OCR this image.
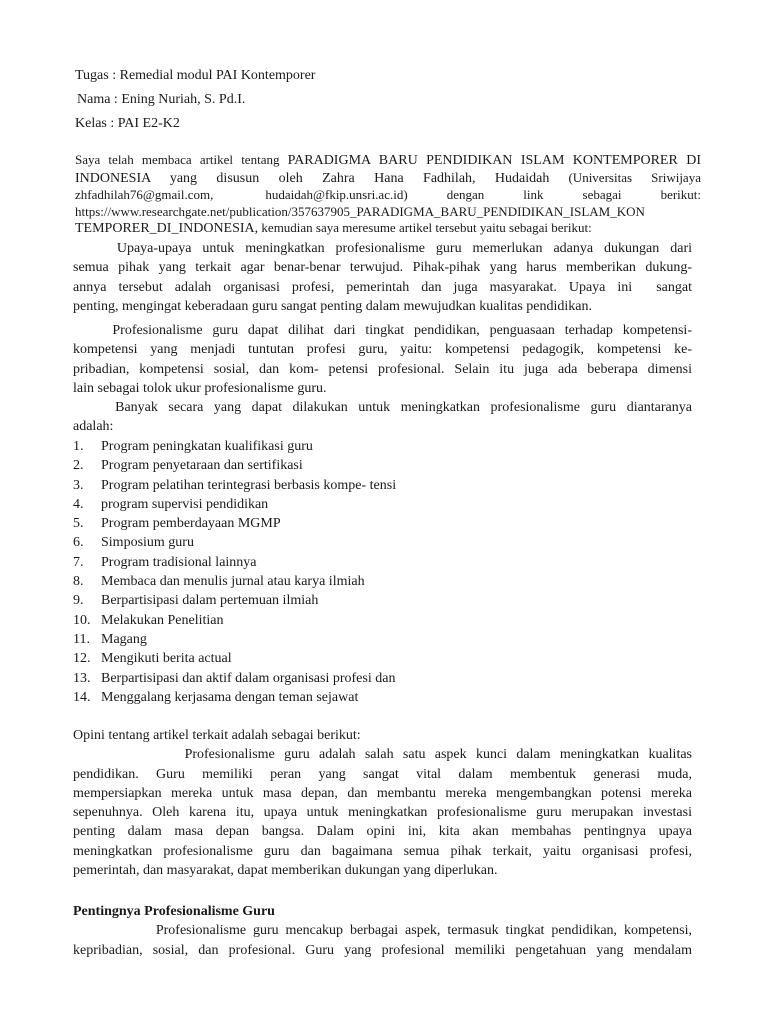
Tugas : Remedial modul PAI Kontemporer
Nama : Ening Nuriah, S. Pd.I.
Kelas : PAI E2-K2
Saya telah membaca artikel tentang PARADIGMA BARU PENDIDIKAN ISLAM KONTEMPORER DI
INDONESIA yang disusun oleh Zahra Hana Fadhilah, Hudaidah (Universitas Sriwijaya
zhfadhilah76@gmail.com,                hudaidah@fkip.unsri.ac.id)            dengan            link            sebagai            berikut:
https://www.researchgate.net/publication/357637905_PARADIGMA_BARU_PENDIDIKAN_ISLAM_KON
TEMPORER_DI_INDONESIA, kemudian saya meresume artikel tersebut yaitu sebagai berikut:
Upaya-upaya untuk meningkatkan profesionalisme guru memerlukan adanya dukungan dari
semua pihak yang terkait agar benar-benar terwujud. Pihak-pihak yang harus memberikan dukung-
annya tersebut adalah organisasi profesi, pemerintah dan juga masyarakat. Upaya ini  sangat
penting, mengingat keberadaan guru sangat penting dalam mewujudkan kualitas pendidikan.
Profesionalisme guru dapat dilihat dari tingkat pendidikan, penguasaan terhadap kompetensi-
kompetensi yang menjadi tuntutan profesi guru, yaitu: kompetensi pedagogik, kompetensi ke-
pribadian, kompetensi sosial, dan kom- petensi profesional. Selain itu juga ada beberapa dimensi
lain sebagai tolok ukur profesionalisme guru.
Banyak secara yang dapat dilakukan untuk meningkatkan profesionalisme guru diantaranya
adalah:
1.	Program peningkatan kualifikasi guru
2.	Program penyetaraan dan sertifikasi
3.	Program pelatihan terintegrasi berbasis kompe- tensi
4.	program supervisi pendidikan
5.	Program pemberdayaan MGMP
6.	Simposium guru
7.	Program tradisional lainnya
8.	Membaca dan menulis jurnal atau karya ilmiah
9.	Berpartisipasi dalam pertemuan ilmiah
10. Melakukan Penelitian
11. Magang
12. Mengikuti berita actual
13. Berpartisipasi dan aktif dalam organisasi profesi dan
14. Menggalang kerjasama dengan teman sejawat
Opini tentang artikel terkait adalah sebagai berikut:
Profesionalisme guru adalah salah satu aspek kunci dalam meningkatkan kualitas
pendidikan. Guru memiliki peran yang sangat vital dalam membentuk generasi muda,
mempersiapkan mereka untuk masa depan, dan membantu mereka mengembangkan potensi mereka
sepenuhnya. Oleh karena itu, upaya untuk meningkatkan profesionalisme guru merupakan investasi
penting dalam masa depan bangsa. Dalam opini ini, kita akan membahas pentingnya upaya
meningkatkan profesionalisme guru dan bagaimana semua pihak terkait, yaitu organisasi profesi,
pemerintah, dan masyarakat, dapat memberikan dukungan yang diperlukan.
Pentingnya Profesionalisme Guru
Profesionalisme guru mencakup berbagai aspek, termasuk tingkat pendidikan, kompetensi,
kepribadian, sosial, dan profesional. Guru yang profesional memiliki pengetahuan yang mendalam
